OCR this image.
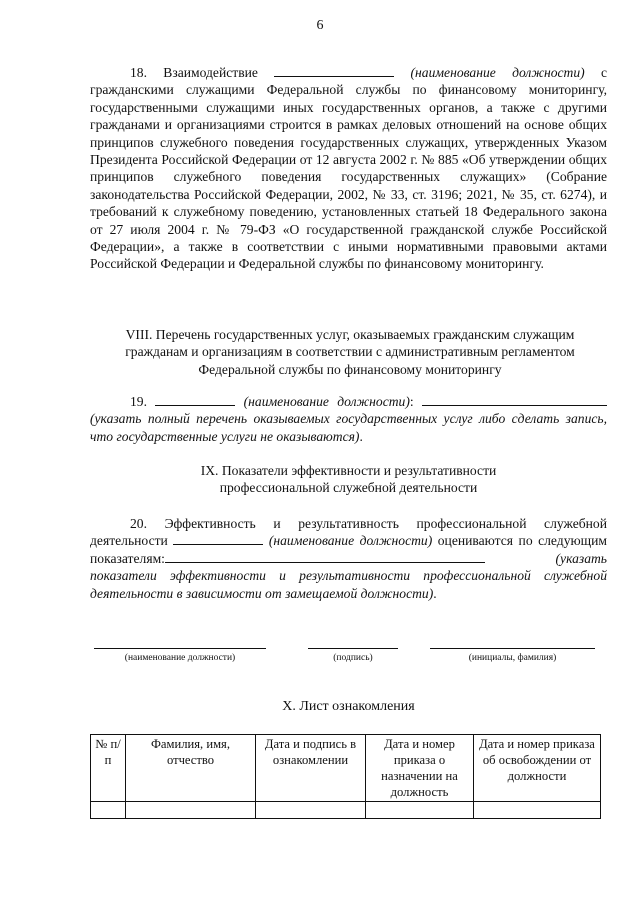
6
18. Взаимодействие	(наименование должности) с гражданскими служащими Федеральной службы по финансовому мониторингу, государственными служащими иных государственных органов, а также с другими гражданами и организациями строится в рамках деловых отношений на основе общих принципов служебного поведения государственных служащих, утвержденных Указом Президента Российской Федерации от 12 августа 2002 г. № 885 «Об утверждении общих принципов служебного поведения государственных служащих» (Собрание законодательства Российской Федерации, 2002, № 33, ст. 3196; 2021, № 35, ст. 6274), и требований к служебному поведению, установленных статьей 18 Федерального закона от 27 июля 2004 г. № 79-ФЗ «О государственной гражданской службе Российской Федерации», а также в соответствии с иными нормативными правовыми актами Российской Федерации и Федеральной службы по финансовому мониторингу.
VIII. Перечень государственных услуг, оказываемых гражданским служащим гражданам и организациям в соответствии с административным регламентом Федеральной службы по финансовому мониторингу
19.	(наименование должности):  (указать полный перечень оказываемых государственных услуг либо сделать запись, что государственные услуги не оказываются).
IX. Показатели эффективности и результативности
профессиональной служебной деятельности
20. Эффективность и результативность профессиональной служебной деятельности	(наименование должности) оцениваются по следующим показателям:	(указать показатели эффективности и результативности профессиональной служебной деятельности в зависимости от замещаемой должности).
(наименование должности)	(подпись)	(инициалы, фамилия)
X. Лист ознакомления
№ п/п	Фамилия, имя, отчество	Дата и подпись в ознакомлении	Дата и номер приказа о назначении на должность	Дата и номер приказа об освобождении от должности
